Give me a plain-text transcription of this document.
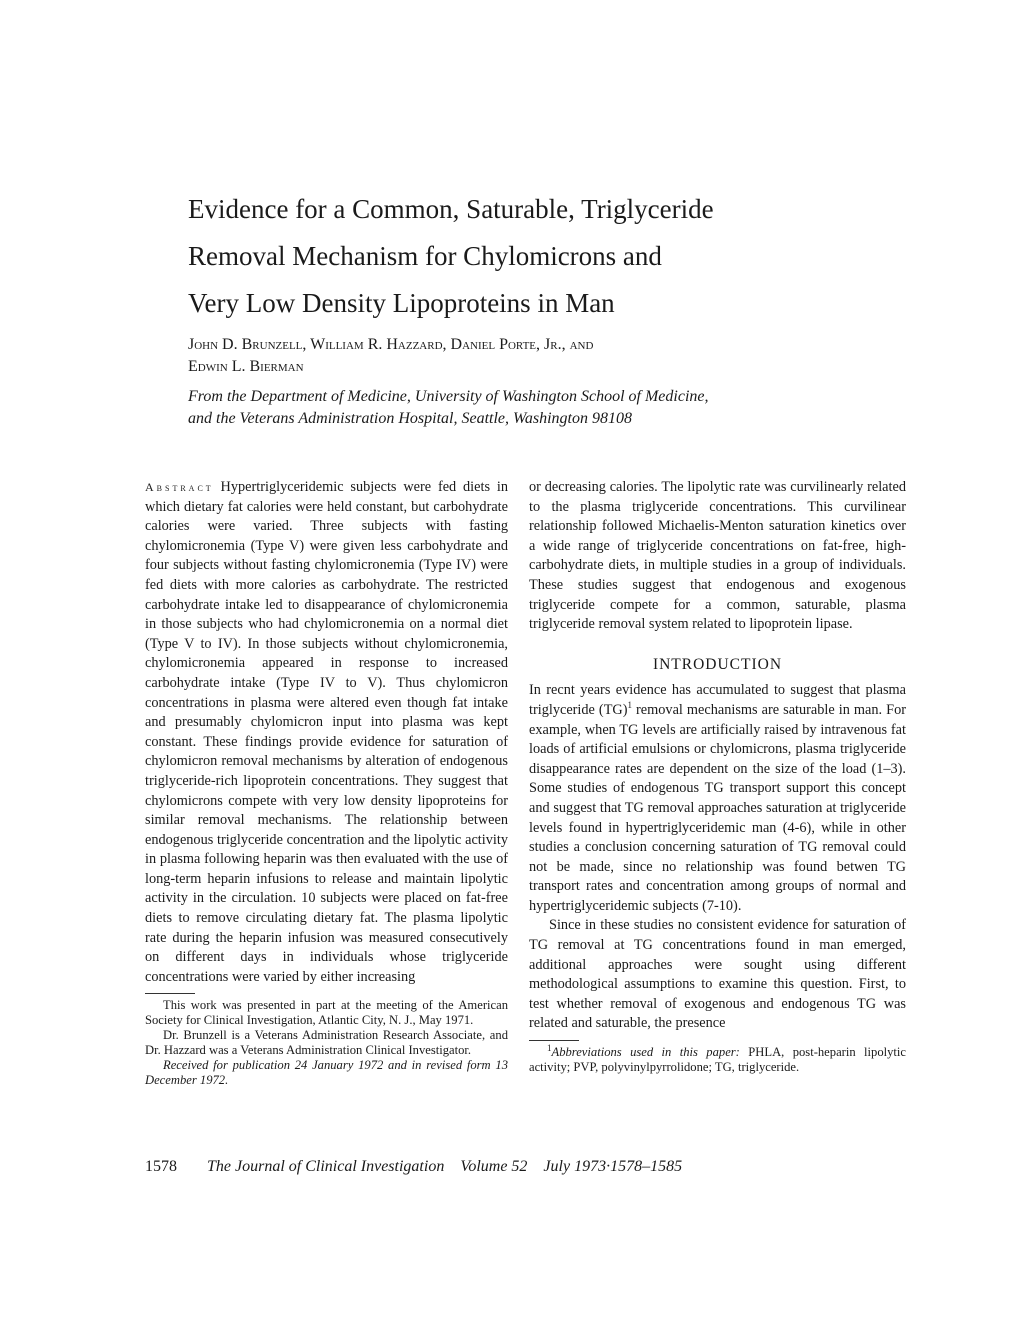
Evidence for a Common, Saturable, Triglyceride
Removal Mechanism for Chylomicrons and
Very Low Density Lipoproteins in Man
John D. Brunzell, William R. Hazzard, Daniel Porte, Jr., and
Edwin L. Bierman
From the Department of Medicine, University of Washington School of Medicine,
and the Veterans Administration Hospital, Seattle, Washington 98108

Abstract Hypertriglyceridemic subjects were fed diets in which dietary fat calories were held constant, but carbohydrate calories were varied. Three subjects with fasting chylomicronemia (Type V) were given less carbohydrate and four subjects without fasting chylomicronemia (Type IV) were fed diets with more calories as carbohydrate. The restricted carbohydrate intake led to disappearance of chylomicronemia in those subjects who had chylomicronemia on a normal diet (Type V to IV). In those subjects without chylomicronemia, chylomicronemia appeared in response to increased carbohydrate intake (Type IV to V). Thus chylomicron concentrations in plasma were altered even though fat intake and presumably chylomicron input into plasma was kept constant. These findings provide evidence for saturation of chylomicron removal mechanisms by alteration of endogenous triglyceride-rich lipoprotein concentrations. They suggest that chylomicrons compete with very low density lipoproteins for similar removal mechanisms. The relationship between endogenous triglyceride concentration and the lipolytic activity in plasma following heparin was then evaluated with the use of long-term heparin infusions to release and maintain lipolytic activity in the circulation. 10 subjects were placed on fat-free diets to remove circulating dietary fat. The plasma lipolytic rate during the heparin infusion was measured consecutively on different days in individuals whose triglyceride concentrations were varied by either increasing

This work was presented in part at the meeting of the American Society for Clinical Investigation, Atlantic City, N. J., May 1971.

Dr. Brunzell is a Veterans Administration Research Associate, and Dr. Hazzard was a Veterans Administration Clinical Investigator.

Received for publication 24 January 1972 and in revised form 13 December 1972.

or decreasing calories. The lipolytic rate was curvilinearly related to the plasma triglyceride concentrations. This curvilinear relationship followed Michaelis-Menton saturation kinetics over a wide range of triglyceride concentrations on fat-free, high-carbohydrate diets, in multiple studies in a group of individuals. These studies suggest that endogenous and exogenous triglyceride compete for a common, saturable, plasma triglyceride removal system related to lipoprotein lipase.

INTRODUCTION

In recnt years evidence has accumulated to suggest that plasma triglyceride (TG)$^1$ removal mechanisms are saturable in man. For example, when TG levels are artificially raised by intravenous fat loads of artificial emulsions or chylomicrons, plasma triglyceride disappearance rates are dependent on the size of the load (1–3). Some studies of endogenous TG transport support this concept and suggest that TG removal approaches saturation at triglyceride levels found in hypertriglyceridemic man (4-6), while in other studies a conclusion concerning saturation of TG removal could not be made, since no relationship was found betwen TG transport rates and concentration among groups of normal and hypertriglyceridemic subjects (7-10).

Since in these studies no consistent evidence for saturation of TG removal at TG concentrations found in man emerged, additional approaches were sought using different methodological assumptions to examine this question. First, to test whether removal of exogenous and endogenous TG was related and saturable, the presence

$^1$Abbreviations used in this paper: PHLA, post-heparin lipolytic activity; PVP, polyvinylpyrrolidone; TG, triglyceride.

1578 The Journal of Clinical Investigation Volume 52 July 1973·1578–1585
